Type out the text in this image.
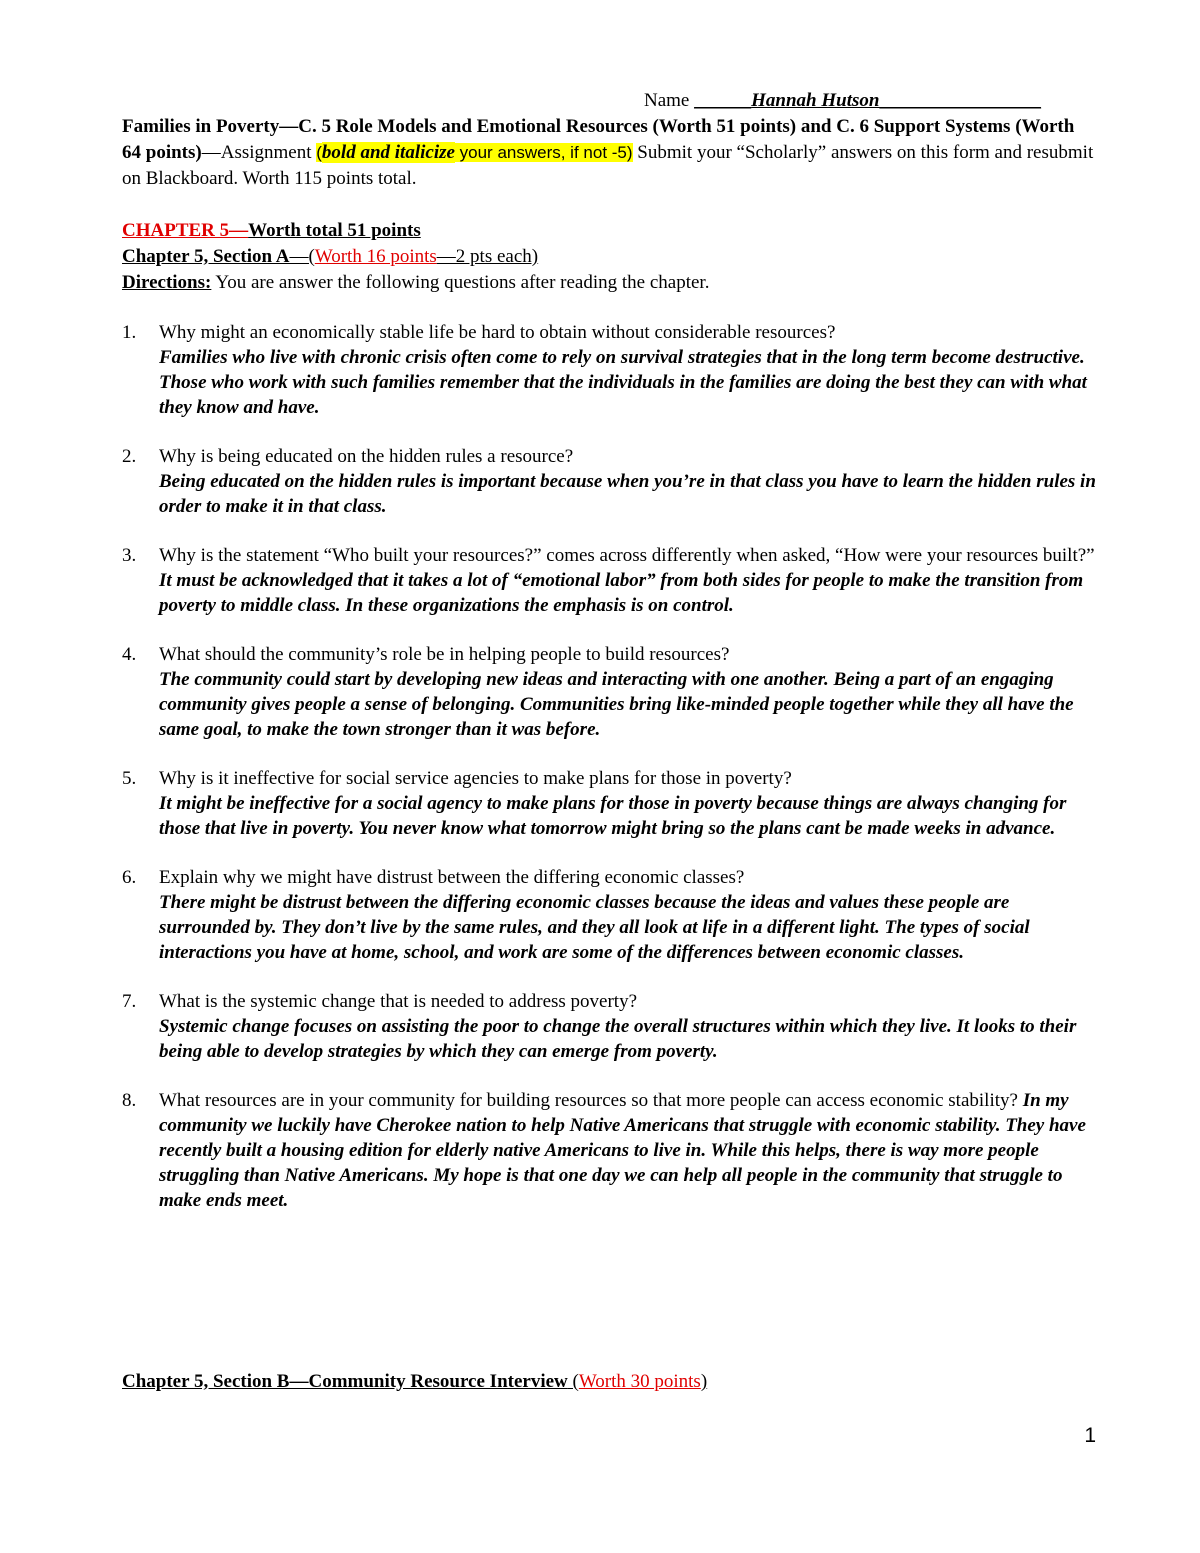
Name ______Hannah Hutson_________________

Families in Poverty—C. 5 Role Models and Emotional Resources (Worth 51 points) and C. 6 Support Systems (Worth 64 points)—Assignment (bold and italicize your answers, if not -5) Submit your “Scholarly” answers on this form and resubmit on Blackboard. Worth 115 points total.

CHAPTER 5—Worth total 51 points
Chapter 5, Section A—(Worth 16 points—2 pts each)
Directions: You are answer the following questions after reading the chapter.
1. Why might an economically stable life be hard to obtain without considerable resources?
Families who live with chronic crisis often come to rely on survival strategies that in the long term become destructive. Those who work with such families remember that the individuals in the families are doing the best they can with what they know and have.
2. Why is being educated on the hidden rules a resource?
Being educated on the hidden rules is important because when you’re in that class you have to learn the hidden rules in order to make it in that class.
3. Why is the statement “Who built your resources?” comes across differently when asked, “How were your resources built?”
It must be acknowledged that it takes a lot of “emotional labor” from both sides for people to make the transition from poverty to middle class. In these organizations the emphasis is on control.
4. What should the community’s role be in helping people to build resources?
The community could start by developing new ideas and interacting with one another. Being a part of an engaging community gives people a sense of belonging. Communities bring like-minded people together while they all have the same goal, to make the town stronger than it was before.
5. Why is it ineffective for social service agencies to make plans for those in poverty?
It might be ineffective for a social agency to make plans for those in poverty because things are always changing for those that live in poverty. You never know what tomorrow might bring so the plans cant be made weeks in advance.
6. Explain why we might have distrust between the differing economic classes?
There might be distrust between the differing economic classes because the ideas and values these people are surrounded by. They don’t live by the same rules, and they all look at life in a different light. The types of social interactions you have at home, school, and work are some of the differences between economic classes.
7. What is the systemic change that is needed to address poverty?
Systemic change focuses on assisting the poor to change the overall structures within which they live. It looks to their being able to develop strategies by which they can emerge from poverty.
8. What resources are in your community for building resources so that more people can access economic stability? In my community we luckily have Cherokee nation to help Native Americans that struggle with economic stability. They have recently built a housing edition for elderly native Americans to live in. While this helps, there is way more people struggling than Native Americans. My hope is that one day we can help all people in the community that struggle to make ends meet.
Chapter 5, Section B—Community Resource Interview (Worth 30 points)
1
